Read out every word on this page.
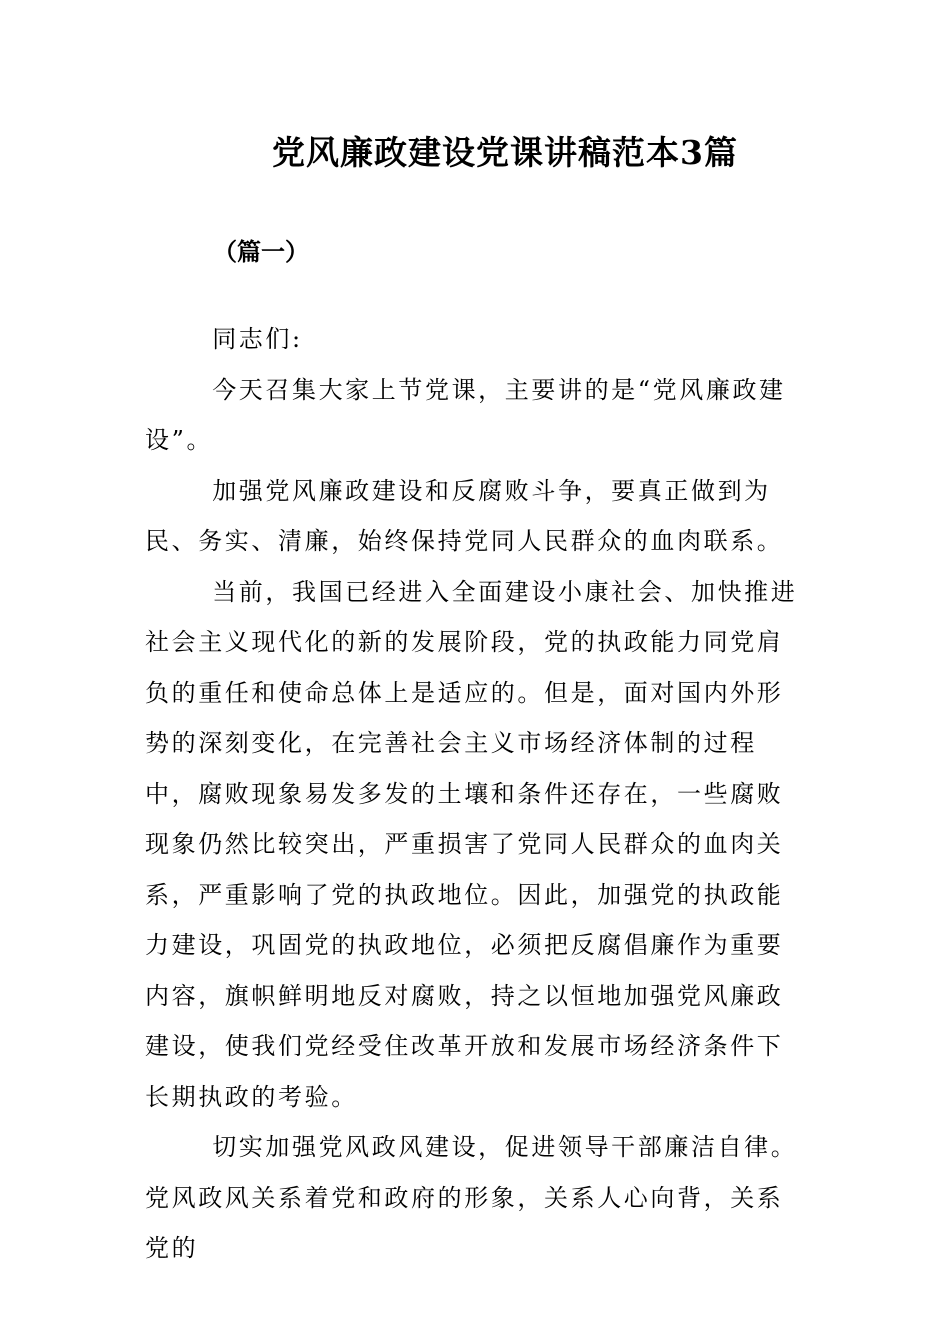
党风廉政建设党课讲稿范本3篇
（篇一）

同志们:

今天召集大家上节党课，主要讲的是“党风廉政建设”。

加强党风廉政建设和反腐败斗争，要真正做到为民、务实、清廉，始终保持党同人民群众的血肉联系。

当前，我国已经进入全面建设小康社会、加快推进社会主义现代化的新的发展阶段，党的执政能力同党肩负的重任和使命总体上是适应的。但是，面对国内外形势的深刻变化，在完善社会主义市场经济体制的过程中，腐败现象易发多发的土壤和条件还存在，一些腐败现象仍然比较突出，严重损害了党同人民群众的血肉关系，严重影响了党的执政地位。因此，加强党的执政能力建设，巩固党的执政地位，必须把反腐倡廉作为重要内容，旗帜鲜明地反对腐败，持之以恒地加强党风廉政建设，使我们党经受住改革开放和发展市场经济条件下长期执政的考验。

切实加强党风政风建设，促进领导干部廉洁自律。党风政风关系着党和政府的形象，关系人心向背，关系党的
